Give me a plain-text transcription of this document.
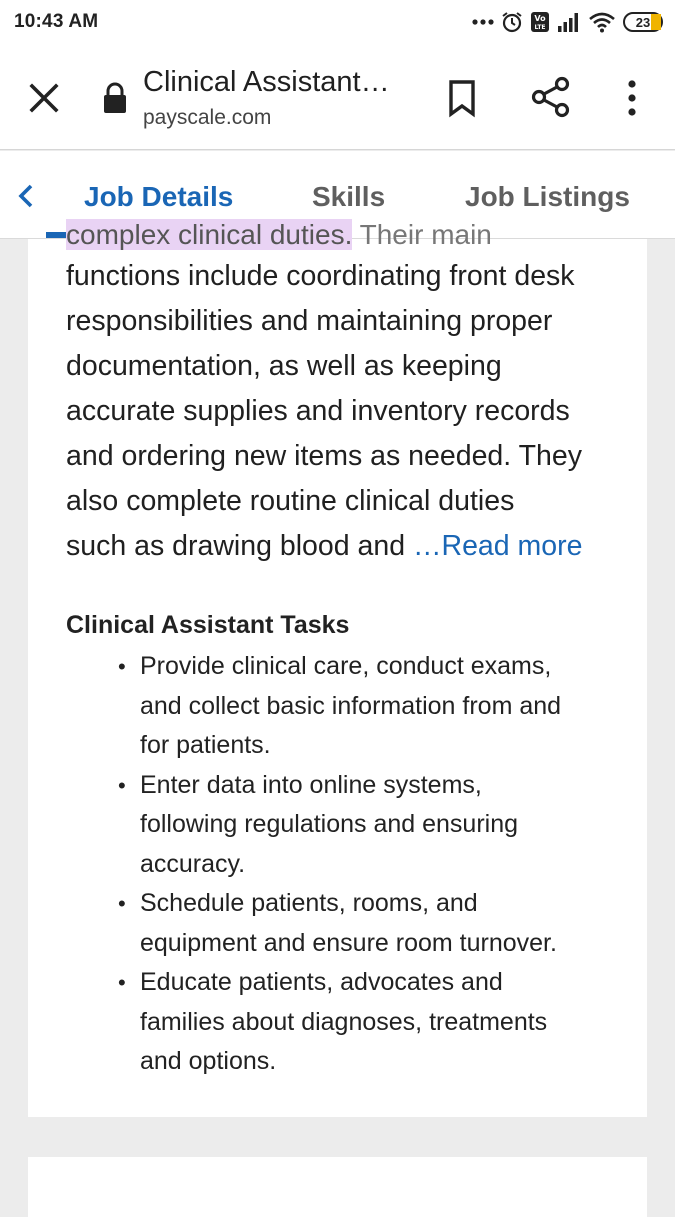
10:43 AM	Vo
LTE	23
Clinical Assistant…
payscale.com
Job Details	Skills	Job Listings
complex clinical duties. Their main
functions include coordinating front desk
responsibilities and maintaining proper
documentation, as well as keeping
accurate supplies and inventory records
and ordering new items as needed. They
also complete routine clinical duties
such as drawing blood and …Read more
Clinical Assistant Tasks
• Provide clinical care, conduct exams,
and collect basic information from and
for patients.
• Enter data into online systems,
following regulations and ensuring
accuracy.
• Schedule patients, rooms, and
equipment and ensure room turnover.
• Educate patients, advocates and
families about diagnoses, treatments
and options.
